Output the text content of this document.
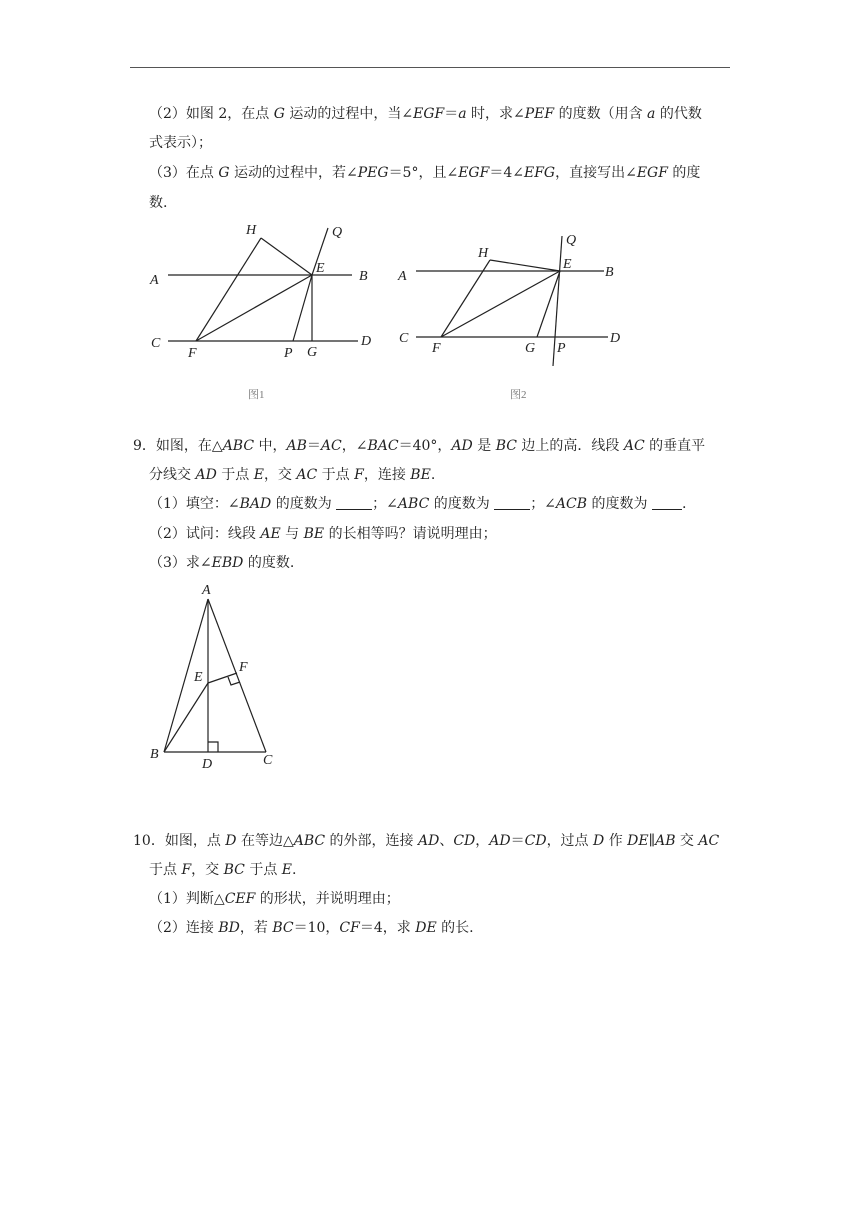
（2）如图 2，在点 G 运动的过程中，当∠EGF＝a 时，求∠PEF 的度数（用含 a 的代数
式表示）；
（3）在点 G 运动的过程中，若∠PEG＝5°，且∠EGF＝4∠EFG，直接写出∠EGF 的度
数.
H	Q
A
E
B
C
F	P G
D
图1
H
Q
A
E
B
C
F	G P
D
图2
9．如图，在△ABC 中，AB＝AC，∠BAC＝40°，AD 是 BC 边上的高．线段 AC 的垂直平
分线交 AD 于点 E，交 AC 于点 F，连接 BE.
（1）填空：∠BAD 的度数为	；∠ABC 的度数为	；∠ACB 的度数为 .
（2）试问：线段 AE 与 BE 的长相等吗？请说明理由；
（3）求∠EBD 的度数.
A
E
F
B
D	C
10．如图，点 D 在等边△ABC 的外部，连接 AD、CD，AD＝CD，过点 D 作 DE∥AB 交 AC
于点 F，交 BC 于点 E.
（1）判断△CEF 的形状，并说明理由；
（2）连接 BD，若 BC＝10，CF＝4，求 DE 的长.
